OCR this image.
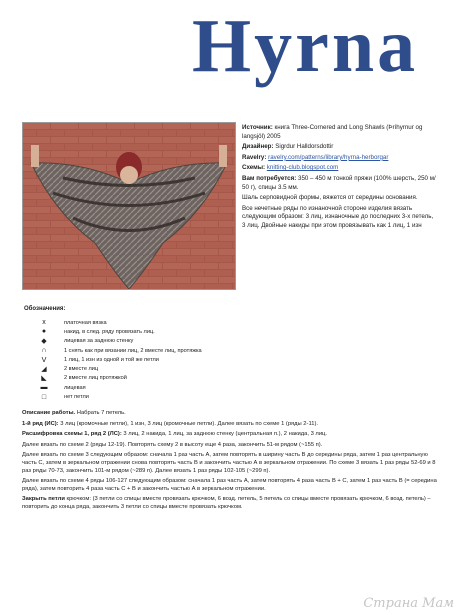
Hyrna

Источник: книга Three-Cornered and Long Shawls (Þríhyrnur og langsjöl) 2005

Дизайнер: Sigrdur Halldorsdottir

Ravelry: ravelry.com/patterns/library/hyrna-herborgar

Схемы: knitting-club.blogspot.com

Вам потребуется: 350 – 450 м тонкой пряжи (100% шерсть, 250 м/ 50 г), спицы 3.5 мм.

Шаль серповидной формы, вяжется от середины основания.

Все нечетные ряды по изнаночной стороне изделия вязать следующим образом: 3 лиц, изнаночные до последних 3-х петель, 3 лиц. Двойные накиды при этом провязывать как 1 лиц, 1 изн

Обозначения:
x	платочная вязка
●	накид, в след. ряду провязать лиц.
◆	лицевая за заднюю стенку
∩	1 снять как при вязании лиц, 2 вместе лиц, протяжка
Ⅴ	1 лиц, 1 изн из одной и той же петли
◢	2 вместе лиц
◣	2 вместе лиц протяжкой
▬	лицевая
□	нет петли

Описание работы. Набрать 7 петель.

1-й ряд (ИС): 3 лиц (кромочные петли), 1 изн, 3 лиц (кромочные петли). Далее вязать по схеме 1 (ряды 2-11).

Расшифровка схемы 1, ряд 2 (ЛС): 3 лиц, 2 накида, 1 лиц, за заднюю стенку (центральная п.), 2 накида, 3 лиц.

Далее вязать по схеме 2 (ряды 12-19). Повторять схему 2 в высоту еще 4 раза, закончить 51-м рядом (~155 п).

Далее вязать по схеме 3 следующим образом: сначала 1 раз часть А, затем повторять в ширину часть В до середины ряда, затем 1 раз центральную часть С, затем в зеркальном отражении снова повторять часть В и закончить частью А в зеркальном отражении. По схеме 3 вязать 1 раз ряды 52-69 и 8 раз ряды 70-73, закончить 101-м рядом (~289 п). Далее вязать 1 раз ряды 102-105 (~299 п).

Далее вязать по схеме 4 ряды 106-127 следующим образом: сначала 1 раз часть А, затем повторять 4 раза часть В + С, затем 1 раз часть В (= середина ряда), затем повторить 4 раза часть С + В и закончить частью А в зеркальном отражении.

Закрыть петли крючком: (3 петли со спицы вместе провязать крючком, 6 возд. петель, 5 петель со спицы вместе провязать крючком, 6 возд. петель) – повторить до конца ряда, закончить 3 петли со спицы вместе провязать крючком.

Страна Мам
